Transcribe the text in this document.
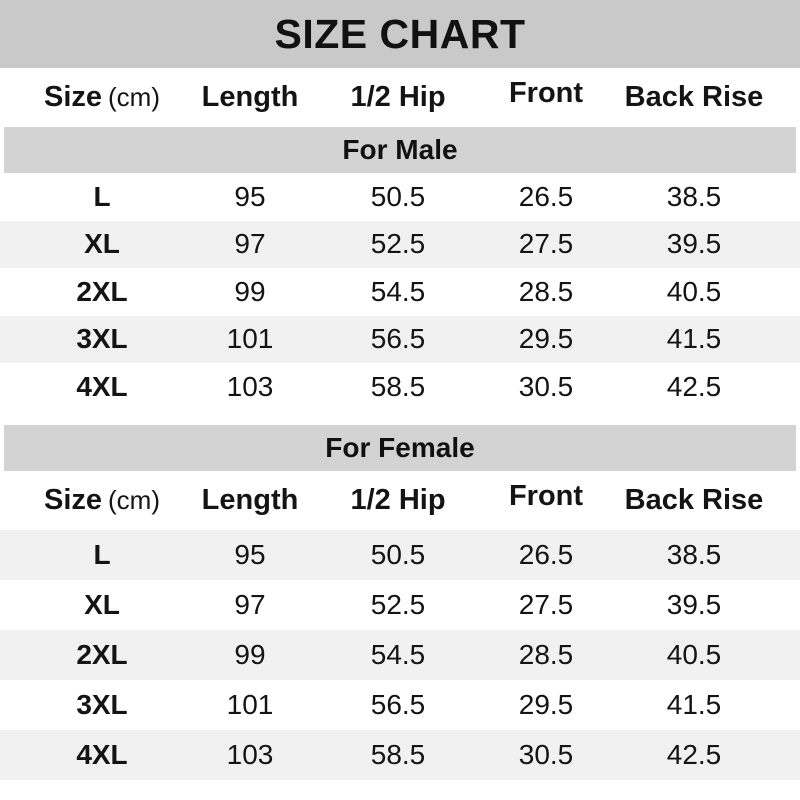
SIZE CHART
Size (cm)	Length	1/2 Hip	Front	Back Rise
For Male
L	95	50.5	26.5	38.5
XL	97	52.5	27.5	39.5
2XL	99	54.5	28.5	40.5
3XL	101	56.5	29.5	41.5
4XL	103	58.5	30.5	42.5
For Female
Size (cm)	Length	1/2 Hip	Front	Back Rise
L	95	50.5	26.5	38.5
XL	97	52.5	27.5	39.5
2XL	99	54.5	28.5	40.5
3XL	101	56.5	29.5	41.5
4XL	103	58.5	30.5	42.5
